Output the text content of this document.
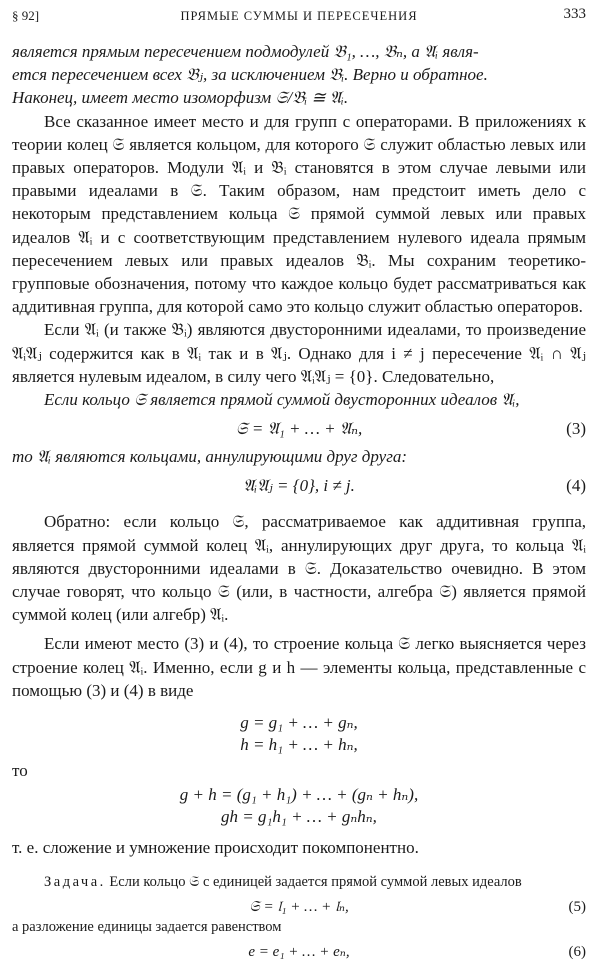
§ 92]	ПРЯМЫЕ СУММЫ И ПЕРЕСЕЧЕНИЯ	333

является прямым пересечением подмодулей 𝔅₁, …, 𝔅ₙ, а 𝔄ᵢ явля-
ется пересечением всех 𝔅ⱼ, за исключением 𝔅ᵢ. Верно и обратное.
Наконец, имеет место изоморфизм 𝔖/𝔅ᵢ ≅ 𝔄ᵢ.

Все сказанное имеет место и для групп с операторами. В приложениях к теории колец 𝔖 является кольцом, для которого 𝔖 служит областью левых или правых операторов. Модули 𝔄ᵢ и 𝔅ᵢ становятся в этом случае левыми или правыми идеалами в 𝔖. Таким образом, нам предстоит иметь дело с некоторым представлением кольца 𝔖 прямой суммой левых или правых идеалов 𝔄ᵢ и с соответствующим представлением нулевого идеала прямым пересечением левых или правых идеалов 𝔅ᵢ. Мы сохраним теоретико-групповые обозначения, потому что каждое кольцо будет рассматриваться как аддитивная группа, для которой само это кольцо служит областью операторов.

Если 𝔄ᵢ (и также 𝔅ᵢ) являются двусторонними идеалами, то произведение 𝔄ᵢ𝔄ⱼ содержится как в 𝔄ᵢ так и в 𝔄ⱼ. Однако для i ≠ j пересечение 𝔄ᵢ ∩ 𝔄ⱼ является нулевым идеалом, в силу чего 𝔄ᵢ𝔄ⱼ = {0}. Следовательно,

Если кольцо 𝔖 является прямой суммой двусторонних идеалов 𝔄ᵢ,

𝔖 = 𝔄₁ + … + 𝔄ₙ,	(3)

то 𝔄ᵢ являются кольцами, аннулирующими друг друга:

𝔄ᵢ𝔄ⱼ = {0}, i ≠ j.	(4)

Обратно: если кольцо 𝔖, рассматриваемое как аддитивная группа, является прямой суммой колец 𝔄ᵢ, аннулирующих друг друга, то кольца 𝔄ᵢ являются двусторонними идеалами в 𝔖. Доказательство очевидно. В этом случае говорят, что кольцо 𝔖 (или, в частности, алгебра 𝔖) является прямой суммой колец (или алгебр) 𝔄ᵢ.

Если имеют место (3) и (4), то строение кольца 𝔖 легко выясняется через строение колец 𝔄ᵢ. Именно, если g и h — элементы кольца, представленные с помощью (3) и (4) в виде

g = g₁ + … + gₙ,
h = h₁ + … + hₙ,
то
g + h = (g₁ + h₁) + … + (gₙ + hₙ),
gh = g₁h₁ + … + gₙhₙ,

т. е. сложение и умножение происходит покомпонентно.

Задача. Если кольцо 𝔖 с единицей задается прямой суммой левых идеалов

𝔖 = 𝔩₁ + … + 𝔩ₙ,	(5)

а разложение единицы задается равенством

e = e₁ + … + eₙ,	(6)
